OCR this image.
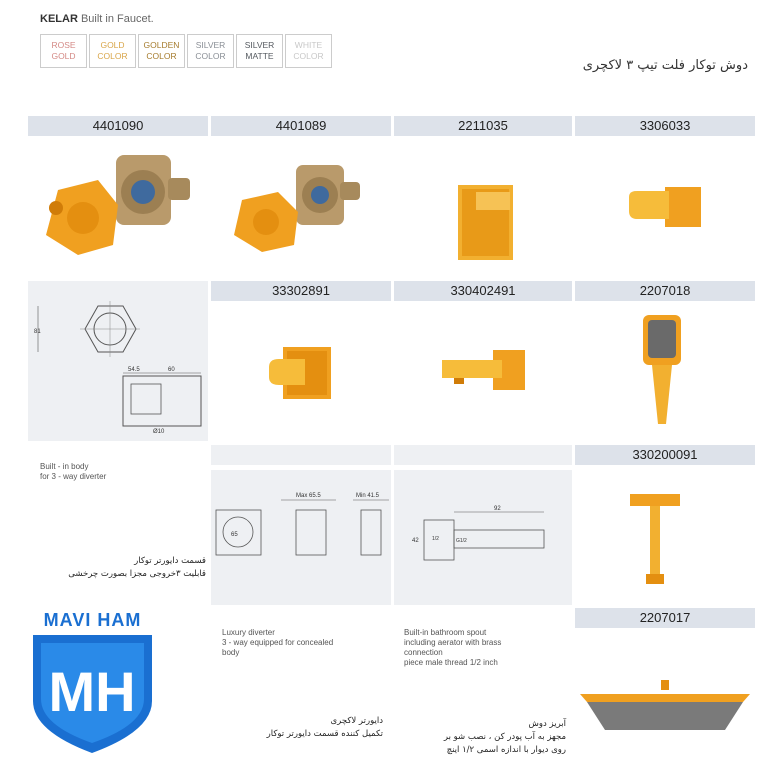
KELAR Built in Faucet.
ROSE
GOLD
GOLD
COLOR
GOLDEN
COLOR
SILVER
COLOR
SILVER
MATTE
WHITE
COLOR
دوش توکار فلت تیپ ۳ لاکچری
4401090	4401089	2211035	3306033
33302891	330402491	2207018
81
54.5	60
Ø10
Built - in body
for 3 - way diverter
قسمت دایورتر توکار
قابلیت ۳خروجی مجزا بصورت چرخشی
330200091
65
Max 65.5	Min 41.5
92
42	1/2	G1/2
2207017
MAVI HAM
MH
Luxury diverter
3 - way equipped for concealed
body
دایورتر لاکچری
تکمیل کننده قسمت دایورتر توکار
Built-in bathroom spout
including aerator with brass
connection
piece male thread 1/2 inch
آبریز دوش
مجهز به آب پودر کن ، نصب شو بر
روی دیوار با اندازه اسمی ۱/۲ اینچ
